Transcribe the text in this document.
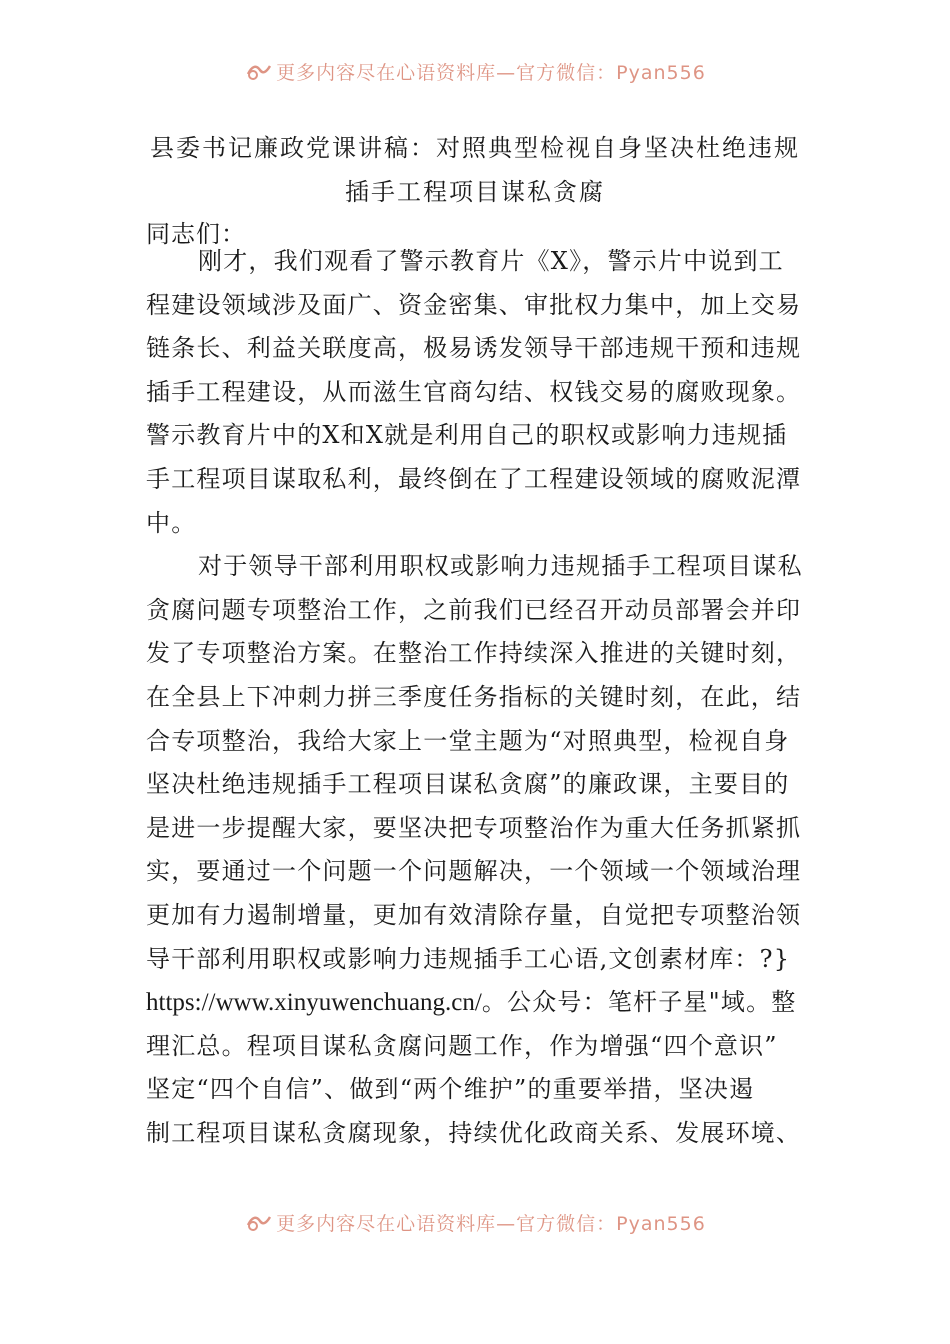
更多内容尽在心语资料库—官方微信：Pyan556
县委书记廉政党课讲稿：对照典型检视自身坚决杜绝违规
插手工程项目谋私贪腐
同志们：
刚才，我们观看了警示教育片《X》，警示片中说到工
程建设领域涉及面广、资金密集、审批权力集中，加上交易
链条长、利益关联度高，极易诱发领导干部违规干预和违规
插手工程建设，从而滋生官商勾结、权钱交易的腐败现象。
警示教育片中的X和X就是利用自己的职权或影响力违规插
手工程项目谋取私利，最终倒在了工程建设领域的腐败泥潭
中。
对于领导干部利用职权或影响力违规插手工程项目谋私
贪腐问题专项整治工作，之前我们已经召开动员部署会并印
发了专项整治方案。在整治工作持续深入推进的关键时刻，
在全县上下冲刺力拼三季度任务指标的关键时刻，在此，结
合专项整治，我给大家上一堂主题为“对照典型，检视自身
坚决杜绝违规插手工程项目谋私贪腐”的廉政课，主要目的
是进一步提醒大家，要坚决把专项整治作为重大任务抓紧抓
实，要通过一个问题一个问题解决，一个领域一个领域治理
更加有力遏制增量，更加有效清除存量，自觉把专项整治领
导干部利用职权或影响力违规插手工心语,文创素材库：?}
https://www.xinyuwenchuang.cn/。公众号：笔杆子星"域。整
理汇总。程项目谋私贪腐问题工作，作为增强“四个意识”
坚定“四个自信”、做到“两个维护”的重要举措，坚决遏
制工程项目谋私贪腐现象，持续优化政商关系、发展环境、
更多内容尽在心语资料库—官方微信：Pyan556
